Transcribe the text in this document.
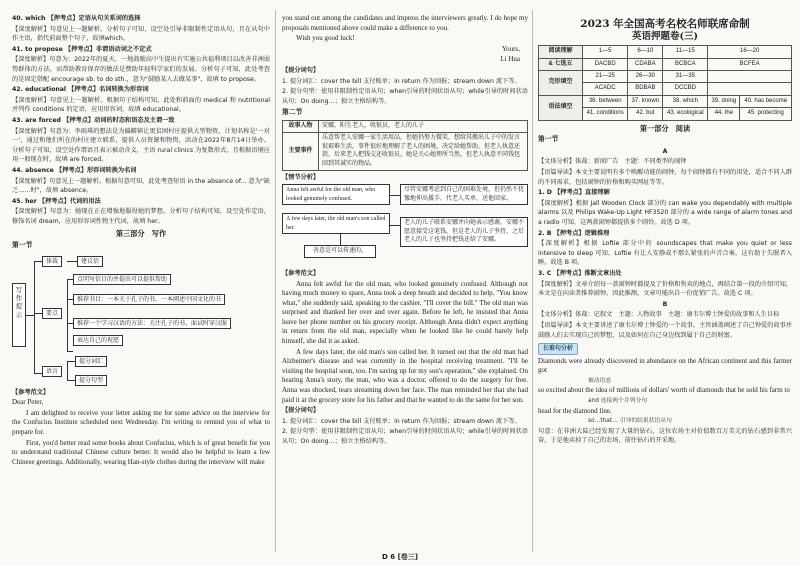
40. which 【押考点】定语从句关系词的选择
【深度解析】句意见上一题解析。分析句子可知，设空处引导非限制性定语从句，且在从句中作主语，指代前面整个句子，故填which。
41. to propose 【押考点】非谓语动词之不定式
【深度解析】句意为：2022年的夏天，一地鼓励高中生提出有实施公共福利项目以改善非洲弱势群体的方法，而帮助教育保存的做法是赞助年轻科学家们的发展。分析句子可知，此处考查的是固定搭配 encourage sb. to do sth.，意为"鼓励某人去做某事"，故填 to propose。
42. educational 【押考点】名词转换为形容词
【深度解析】句意见上一题解析。根据句子结构可知，此处和前面的 medical 和 nutritional 并列作 conditions 的定语，应用形容词，故填 educational。
43. are forced 【押考点】动词的时态和语态及主谓一致
【深度解析】句意为：李雨琪的想法是为偏僻镇让更贫困村庄提供大型物资，计划名称是'一对一'，通过和他们所在的村庄建立联系，提供人员资源和物资，活动在2022年8月14日举办。分析句子可知，设空处作谓语且表示被动含义，主语 rural clinics 为复数形式，且根据语境应用一般现在时，故填 are forced。
44. absence 【押考点】形容词转换为名词
【深度解析】句意见上一题解析。根据句意可知，此处考查短语 in the absence of... 意为"缺乏……时"，故填 absence。
45. her 【押考点】代词的用法
【深度解析】句意为：她现在正在增强地服役她的梦想。分析句子结构可知，设空处作定语，修饰名词 dream，应用形容词性物主代词，故填 her。
第三部分　写作
第一节
写作提示
体裁	建议信
要点
点明写信目的并提出可以提供帮助
推荐书目：一本关于孔子的书，一本阐述中国文化的书
推荐一个学习汉语的方法：关注孔子的书，面试时穿汉服
表达自己的祝愿
语言
提分词汇
提分句型
【参考范文】
Dear Peter,
I am delighted to receive your letter asking me for some advice on the interview for the Confucius Institute scheduled next Wednesday. I'm writing to remind you of what to prepare for.
First, you'd better read some books about Confucius, which is of great benefit for you to understand traditional Chinese culture better. It would also be helpful to learn a few Chinese greetings. Additionally, wearing Han-style clothes during the interview will make
you stand out among the candidates and impress the interviewers greatly. I do hope my proposals mentioned above could make a difference to you.
Wish you good luck!
Yours,
Li Hua
【提分词句】
1. 提分词汇：cover the bill 支付账单；in return 作为回报；stream down 流下等。
2. 提分句型：使用非限制性定语从句；when引导的时间状语从句；while引导的时间状语从句；On doing…；独立主格结构等。
第二节
故事人物	安娜，阳生老人，收银员，老人的儿子
主要事件	乐意帮老人安娜一家生活用品，但她仍努力微笑，想给其搬出儿子中的发言很艰难生活，事件很好地理解了老人的困境，决定给她帮助，但老人执意还款，后来老人把钱交还收银员，她是关心她理所当然，但老人执意不同钱包回到其诚实的物品。
【情节分析】
Anna felt awful for the old man, who looked genuinely confused.
尽管安娜考虑到自己的困难处境，但仍然不犹豫地伸出援手，代老人买单，送他回家。
A few days later, the old man's son called her.
老人的儿子联系安娜并向她表示感谢，安娜不愿意接受这笔钱，但是老人的儿子坚持，之后老人的儿子也坚持把钱还给了安娜。
善意是可以传递的。
【参考范文】
Anna felt awful for the old man, who looked genuinely confused. Although not having much money to spare, Anna took a deep breath and decided to help. "You know what," she suddenly said, speaking to the cashier. "I'll cover the bill." The old man was surprised and thanked her over and over again. Before he left, he insisted that Anna leave her phone number on his grocery receipt. Although Anna didn't expect anything in return from the old man, especially when he looked like he could barely help himself, she did it as asked.
A few days later, the old man's son called her. It turned out that the old man had Alzheimer's disease and was currently in the hospital receiving treatment. "I'll be visiting the hospital soon, too. I'm saving up for my son's operation," she explained. On hearing Anna's story, the man, who was a doctor, offered to do the surgery for free. Anna was shocked, tears streaming down her face. The man reminded her that she had paid it at the grocery store for his father and that he wanted to do the same for her son.
【提分词句】
1. 提分词汇：cover the bill 支付账单；in return 作为回报；stream down 流下等。
2. 提分句型：使用非限制性定语从句；when引导的时间状语从句；while引导的时间状语从句；On doing…；独立主格结构等。
2023 年全国高考名校名师联席命制
英语押题卷(三)
阅读理解	1—5	6—10	11—15	16—20	
& 七选五	DACBD	CDABA	BCBCA	BCFEA	
完形填空	21—25	26—30	31—35		
	ACADC	BDBAB	DCCBD		
语法填空	36. between	37. known	38. which	39. doing	40. has become
	41. conditions	42. but	43. ecological	44. the	45. protecting
第一部分　阅读
第一节
A
【文体分析】体裁：新闻广告　主题：不同类型的闹钟
【语篇导读】本文主要说明有多个唤醒功能的闹钟，每个闹钟都有不同的用处，适合不同人群的不同需求，包括闹钟的价格和购买网址等等。
1. D 【押考点】直接理解
【深度解析】根据 Jall Wooden Clock 部分的 can wake you dependably with multiple alarms 以及 Philips Wake-Up Light HF3520 部分的 a wide range of alarm tones and a radio 可知，这两款闹钟都提供多个闹铃。故选 D 项。
2. B 【押考点】逻辑推理
【深度解析】根据 Loftie 部分中的 soundscapes that make you quiet or less intensive to sleep 可知，Loftie 有让人安静或不那么紧张的声音合奏，这有助于失眠者入睡。故选 B 项。
3. C 【押考点】推断文章出处
【深度解析】文章介绍每一款闹钟时都提及了价格和售卖的地点，再结合第一段的介绍可知，本文是在向读者推荐闹钟。因此推测，文章可能出自一份促销广告。故选 C 项。
B
【文体分析】体裁：记叙文　主题：人物故事　主题：康韦尔博士钟爱的故事和人生目标
【语篇导读】本文主要讲述了康韦尔博士钟爱的一个故事，主旨涵盖阐述了自己钟爱的故事并鼓励人们去实现自己的梦想，以及如何在自己身边找到属于自己的财富。
长难句分析
Diamonds were already discovered in abundance on the African continent and this farmer got
被动语态
so excited about the idea of millions of dollars' worth of diamonds that he sold his farm to
and 连接两个并列分句
head for the diamond line.
so…that… 引导的结果状语从句
句意：在非洲大陆已经发现了大量的钻石，这位农场主对价值数百万美元的钻石感到非常兴奋，于是他卖掉了自己的农场，前往钻石的开采地。
D 6 [卷三]
